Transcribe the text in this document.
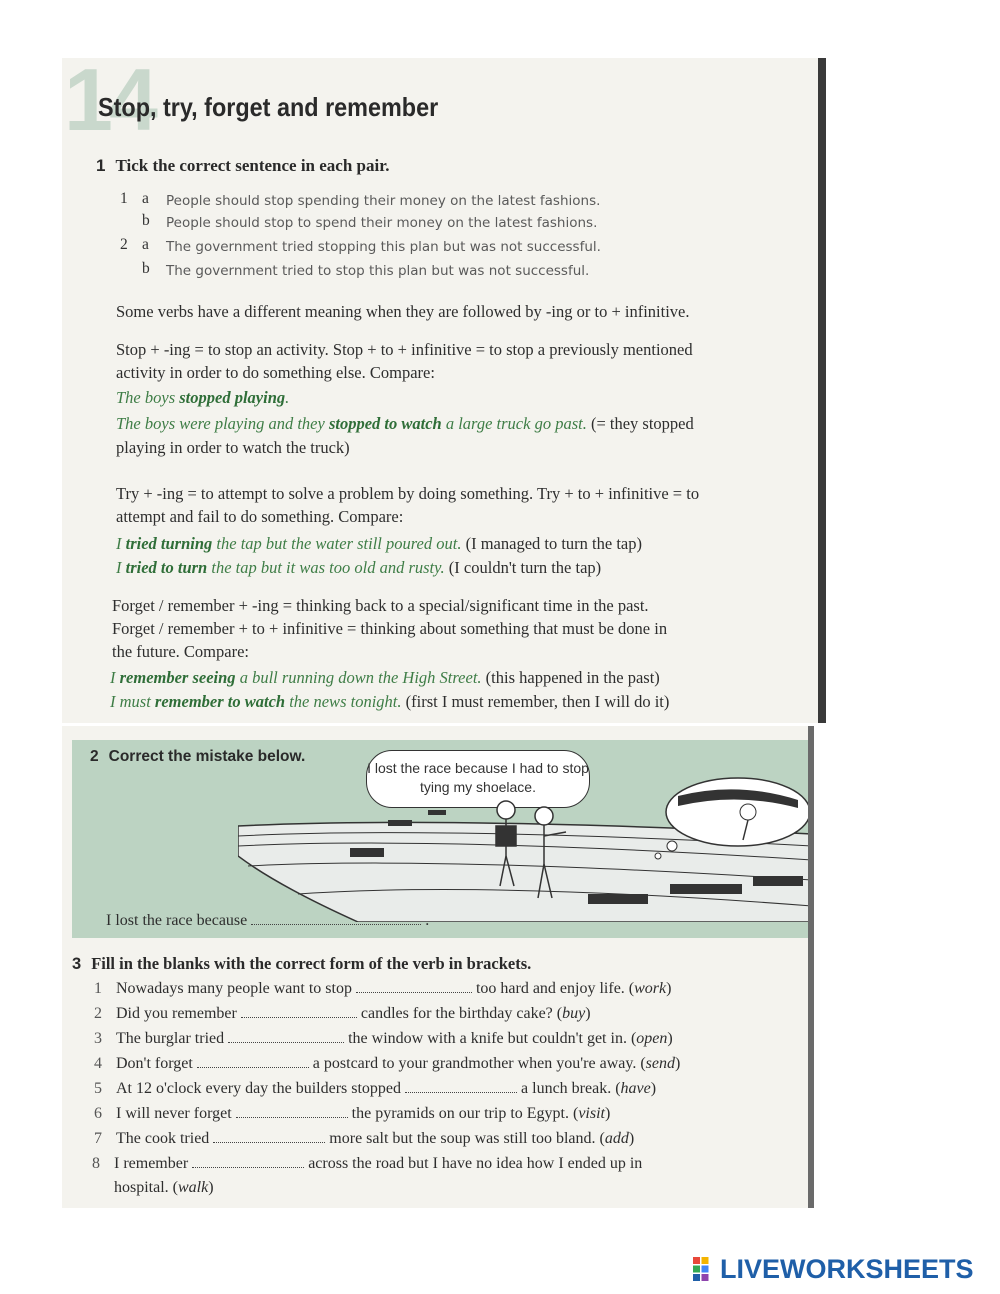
14
Stop, try, forget and remember
1 Tick the correct sentence in each pair.
1 a People should stop spending their money on the latest fashions.
b People should stop to spend their money on the latest fashions.
2 a The government tried stopping this plan but was not successful.
b The government tried to stop this plan but was not successful.
Some verbs have a different meaning when they are followed by -ing or to + infinitive.
Stop + -ing = to stop an activity. Stop + to + infinitive = to stop a previously mentioned
activity in order to do something else. Compare:
The boys stopped playing.
The boys were playing and they stopped to watch a large truck go past. (= they stopped
playing in order to watch the truck)
Try + -ing = to attempt to solve a problem by doing something. Try + to + infinitive = to
attempt and fail to do something. Compare:
I tried turning the tap but the water still poured out. (I managed to turn the tap)
I tried to turn the tap but it was too old and rusty. (I couldn't turn the tap)
Forget / remember + -ing = thinking back to a special/significant time in the past.
Forget / remember + to + infinitive = thinking about something that must be done in
the future. Compare:
I remember seeing a bull running down the High Street. (this happened in the past)
I must remember to watch the news tonight. (first I must remember, then I will do it)
2 Correct the mistake below.
I lost the race because I had to stop tying my shoelace.
I lost the race because	.
3 Fill in the blanks with the correct form of the verb in brackets.
1 Nowadays many people want to stop	too hard and enjoy life. (work)
2 Did you remember	candles for the birthday cake? (buy)
3 The burglar tried	the window with a knife but couldn't get in. (open)
4 Don't forget	a postcard to your grandmother when you're away. (send)
5 At 12 o'clock every day the builders stopped	a lunch break. (have)
6 I will never forget	the pyramids on our trip to Egypt. (visit)
7 The cook tried	more salt but the soup was still too bland. (add)
8 I remember	across the road but I have no idea how I ended up in
hospital. (walk)
LIVEWORKSHEETS
